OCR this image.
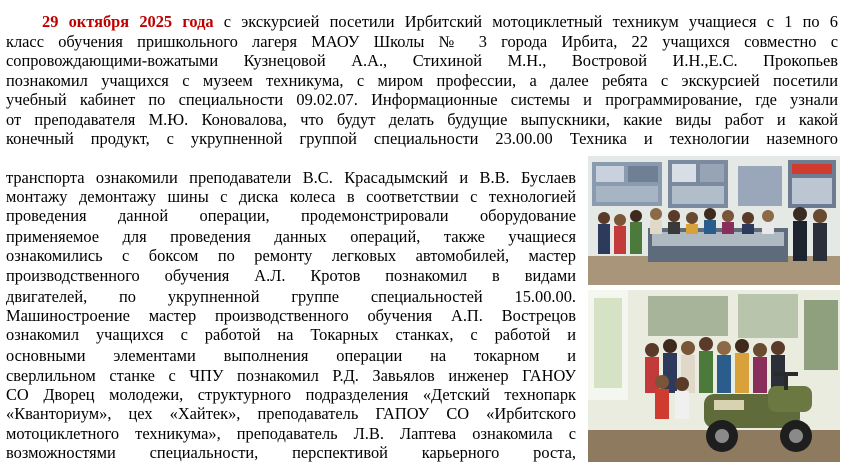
29 октября 2025 года с экскурсией посетили Ирбитский мотоциклетный техникум учащиеся с 1 по 6
класс обучения пришкольного лагеря МАОУ Школы № 3 города Ирбита, 22 учащихся совместно с
сопровождающими-вожатыми Кузнецовой А.А., Стихиной М.Н., Востровой И.Н.,Е.С. Прокопьев
познакомил учащихся с музеем техникума, с миром профессии, а далее ребята с экскурсией посетили
учебный кабинет по специальности 09.02.07. Информационные системы и программирование, где узнали
от преподавателя М.Ю. Коновалова, что будут делать будущие выпускники, какие виды работ и какой
конечный продукт, с укрупненной группой специальности 23.00.00 Техника и технологии наземного
транспорта ознакомили преподаватели В.С. Красадымский и В.В. Буслаев
монтажу демонтажу шины с диска колеса в соответствии с технологией
проведения данной операции, продемонстрировали оборудование
применяемое для проведения данных операций, также учащиеся
ознакомились с боксом по ремонту легковых автомобилей, мастер
производственного обучения А.Л. Кротов познакомил в видами
двигателей, по укрупненной группе специальностей 15.00.00.
Машиностроение мастер производственного обучения А.П. Вострецов
ознакомил учащихся с работой на Токарных станках, с работой и
основными элементами выполнения операции на токарном и
сверлильном станке с ЧПУ познакомил Р.Д. Завьялов инженер ГАНОУ
СО Дворец молодежи, структурного подразделения «Детский технопарк
«Кванториум», цех «Хайтек», преподаватель ГАПОУ СО «Ирбитского
мотоциклетного техникума», преподаватель Л.В. Лаптева ознакомила с
возможностями специальности, перспективой карьерного роста,
